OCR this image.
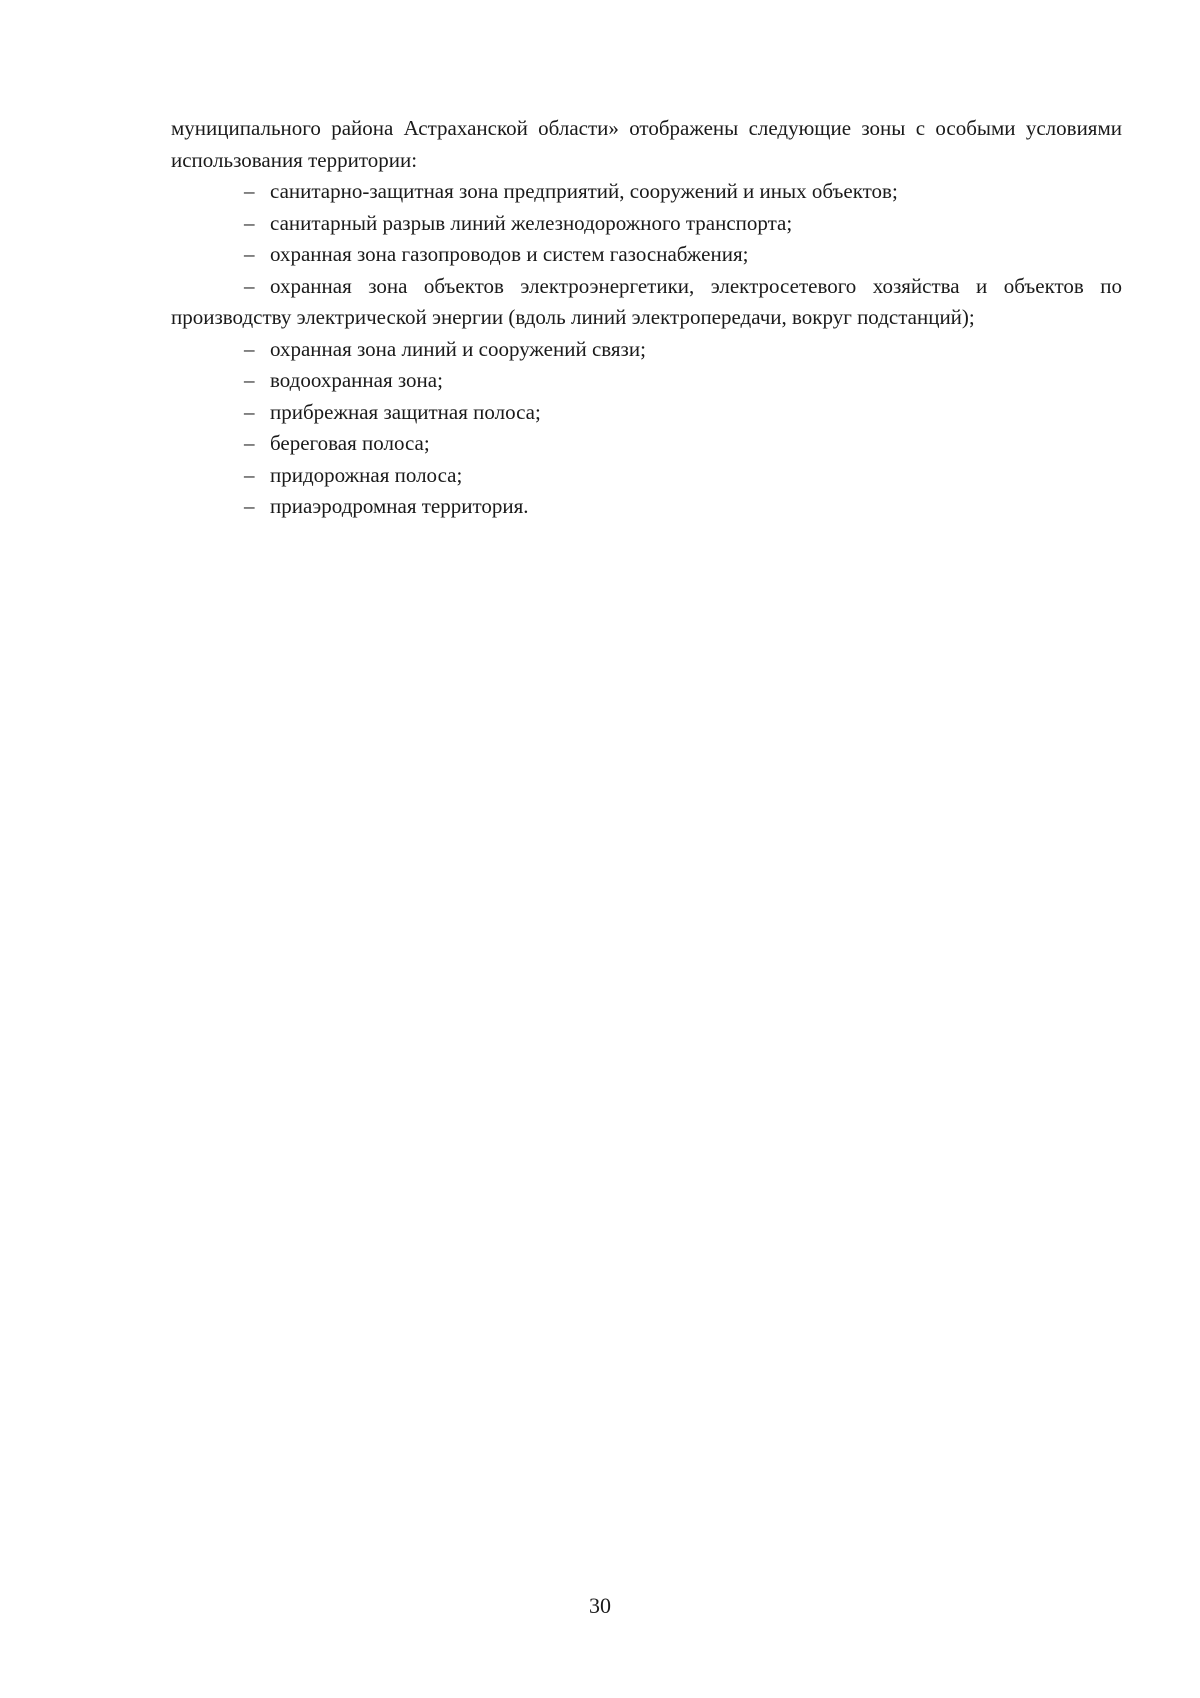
муниципального района Астраханской области» отображены следующие зоны с особыми условиями использования территории:

– санитарно-защитная зона предприятий, сооружений и иных объектов;

– санитарный разрыв линий железнодорожного транспорта;

– охранная зона газопроводов и систем газоснабжения;

– охранная зона объектов электроэнергетики, электросетевого хозяйства и объектов по производству электрической энергии (вдоль линий электропередачи, вокруг подстанций);

– охранная зона линий и сооружений связи;

– водоохранная зона;

– прибрежная защитная полоса;

– береговая полоса;

– придорожная полоса;

– приаэродромная территория.

30
